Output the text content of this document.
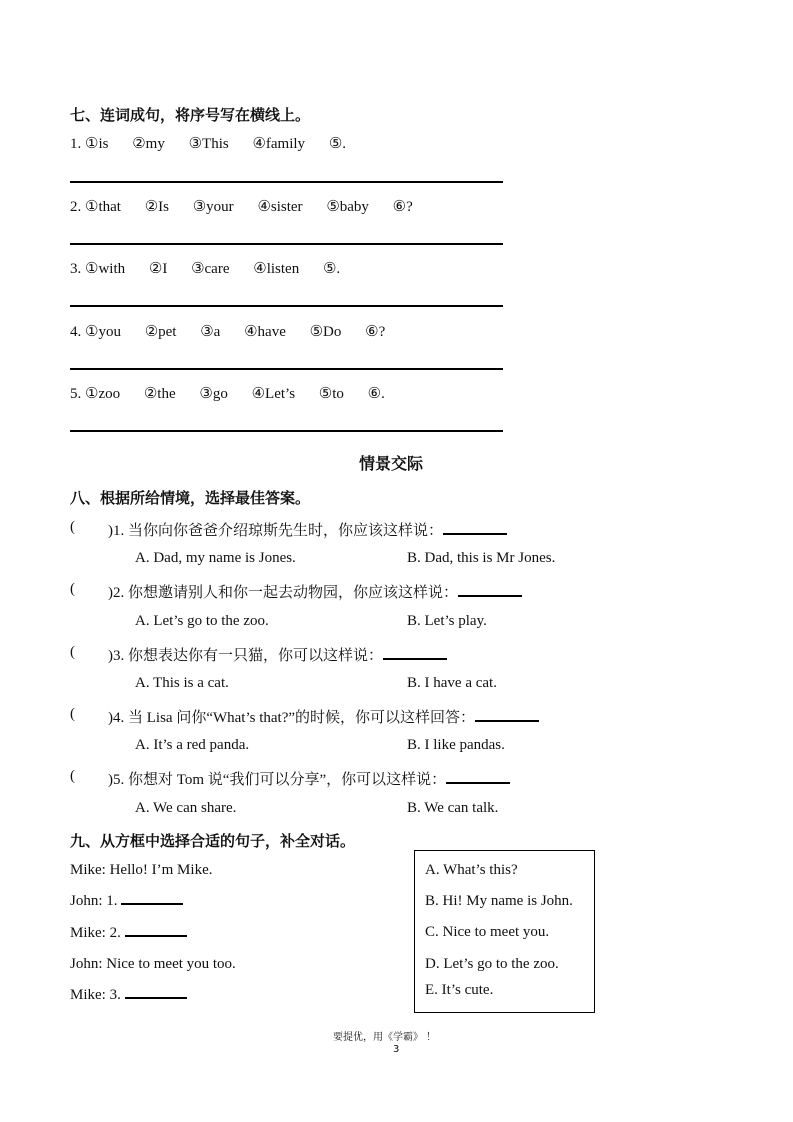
七、连词成句，将序号写在横线上。
1. ①is ②my ③This ④family ⑤.
2. ①that ②Is ③your ④sister ⑤baby ⑥?
3. ①with ②I ③care ④listen ⑤.
4. ①you ②pet ③a ④have ⑤Do ⑥?
5. ①zoo ②the ③go ④Let’s ⑤to ⑥.
情景交际
八、根据所给情境，选择最佳答案。
( )1. 当你向你爸爸介绍琼斯先生时，你应该这样说：
A. Dad, my name is Jones.	B. Dad, this is Mr Jones.
( )2. 你想邀请别人和你一起去动物园，你应该这样说：
A. Let’s go to the zoo.	B. Let’s play.
( )3. 你想表达你有一只猫，你可以这样说：
A. This is a cat.	B. I have a cat.
( )4. 当 Lisa 问你“What’s that?”的时候，你可以这样回答：
A. It’s a red panda.	B. I like pandas.
( )5. 你想对 Tom 说“我们可以分享”，你可以这样说：
A. We can share.	B. We can talk.
九、从方框中选择合适的句子，补全对话。
Mike: Hello! I’m Mike.
John: 1.
Mike: 2.
John: Nice to meet you too.
Mike: 3.
A. What’s this?
B. Hi! My name is John.
C. Nice to meet you.
D. Let’s go to the zoo.
E. It’s cute.
要提优，用《学霸》 ！
3
